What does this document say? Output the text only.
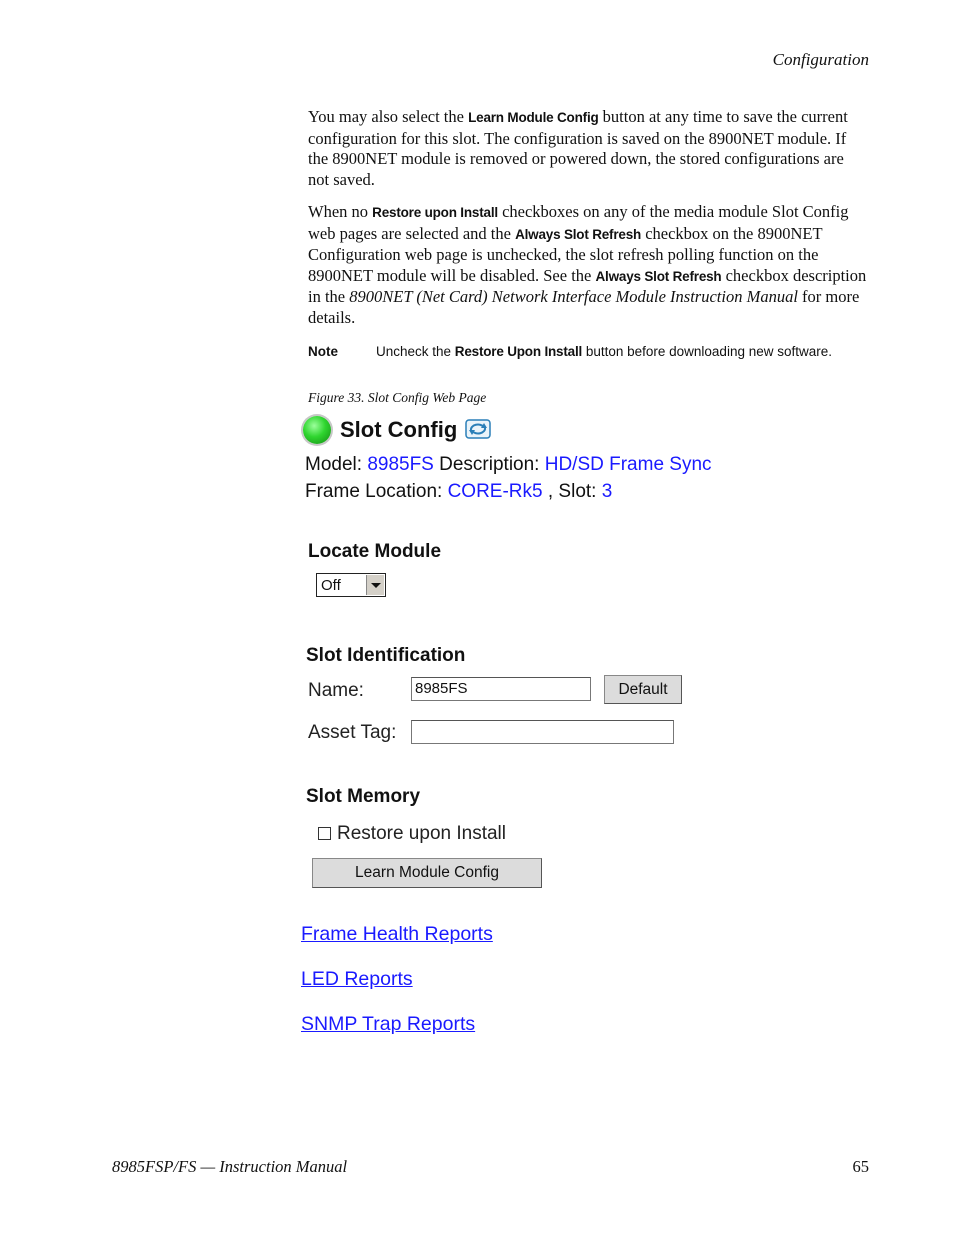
Configuration

You may also select the Learn Module Config button at any time to save the current configuration for this slot. The configuration is saved on the 8900NET module. If the 8900NET module is removed or powered down, the stored configurations are not saved.

When no Restore upon Install checkboxes on any of the media module Slot Config web pages are selected and the Always Slot Refresh checkbox on the 8900NET Configuration web page is unchecked, the slot refresh polling function on the 8900NET module will be disabled. See the Always Slot Refresh checkbox description in the 8900NET (Net Card) Network Interface Module Instruction Manual for more details.

Note	Uncheck the Restore Upon Install button before downloading new software.
Figure 33. Slot Config Web Page
Slot Config
Model: 8985FS Description: HD/SD Frame Sync
Frame Location: CORE-Rk5 , Slot: 3
Locate Module
Off
Slot Identification
Name:	8985FS	Default
Asset Tag:
Slot Memory
Restore upon Install
Learn Module Config
Frame Health Reports
LED Reports
SNMP Trap Reports
8985FSP/FS — Instruction Manual	65
